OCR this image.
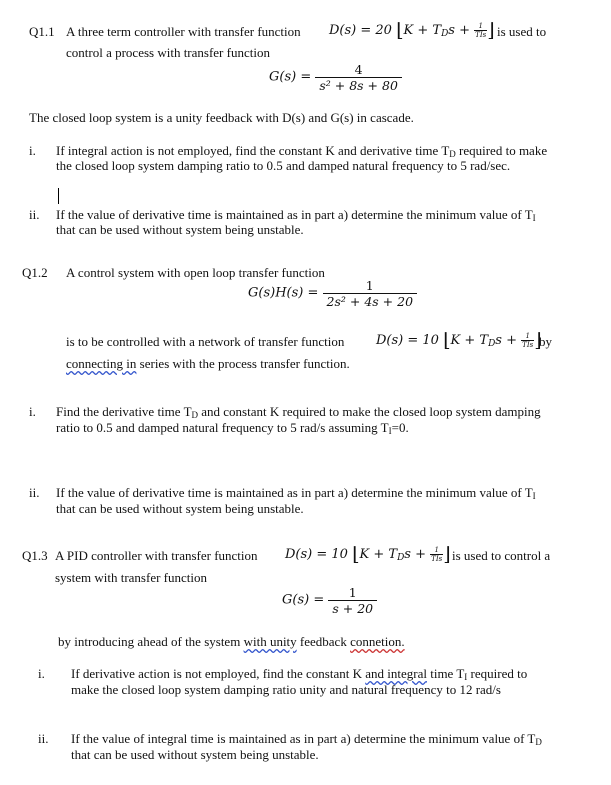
Q1.1 A three term controller with transfer function D(s) = 20 ⌊K + $T_Ds + 1$
TIs ⌋ is used to
control a process with transfer function
$G(s) = \frac{4}{\text{s² + 8s + 80}}$
The closed loop system is a unity feedback with D(s) and G(s) in cascade.
i. If integral action is not employed, find the constant K and derivative time $T_D$ required to make
the closed loop system damping ratio to 0.5 and damped natural frequency to 5 rad/sec.
ii. If the value of derivative time is maintained as in part a) determine the minimum value of $T_I$
that can be used without system being unstable.
Q1.2 A control system with open loop transfer function
$G(s)H(s) = \frac{1}{\text{2s² + 4s + 20}}$
is to be controlled with a network of transfer function D(s) = 10 ⌊K + $T_Ds + 1$
TIs ⌋
by
connecting in series with the process transfer function.
i. Find the derivative time $T_D$ and constant K required to make the closed loop system damping
ratio to 0.5 and damped natural frequency to 5 rad/s assuming $T_I=0$.
ii. If the value of derivative time is maintained as in part a) determine the minimum value of $T_I$
that can be used without system being unstable.
Q1.3 A PID controller with transfer function D(s) = 10 ⌊K + $T_Ds + 1$
TIs ⌋ is used to control a
system with transfer function
$G(s) = \frac{1}{s + 20}$
by introducing ahead of the system with unity feedback connetion.
i. If derivative action is not employed, find the constant K and integral time $T_I$ required to
make the closed loop system damping ratio unity and natural frequency to 12 rad/s
ii. If the value of integral time is maintained as in part a) determine the minimum value of $T_D$
that can be used without system being unstable.
